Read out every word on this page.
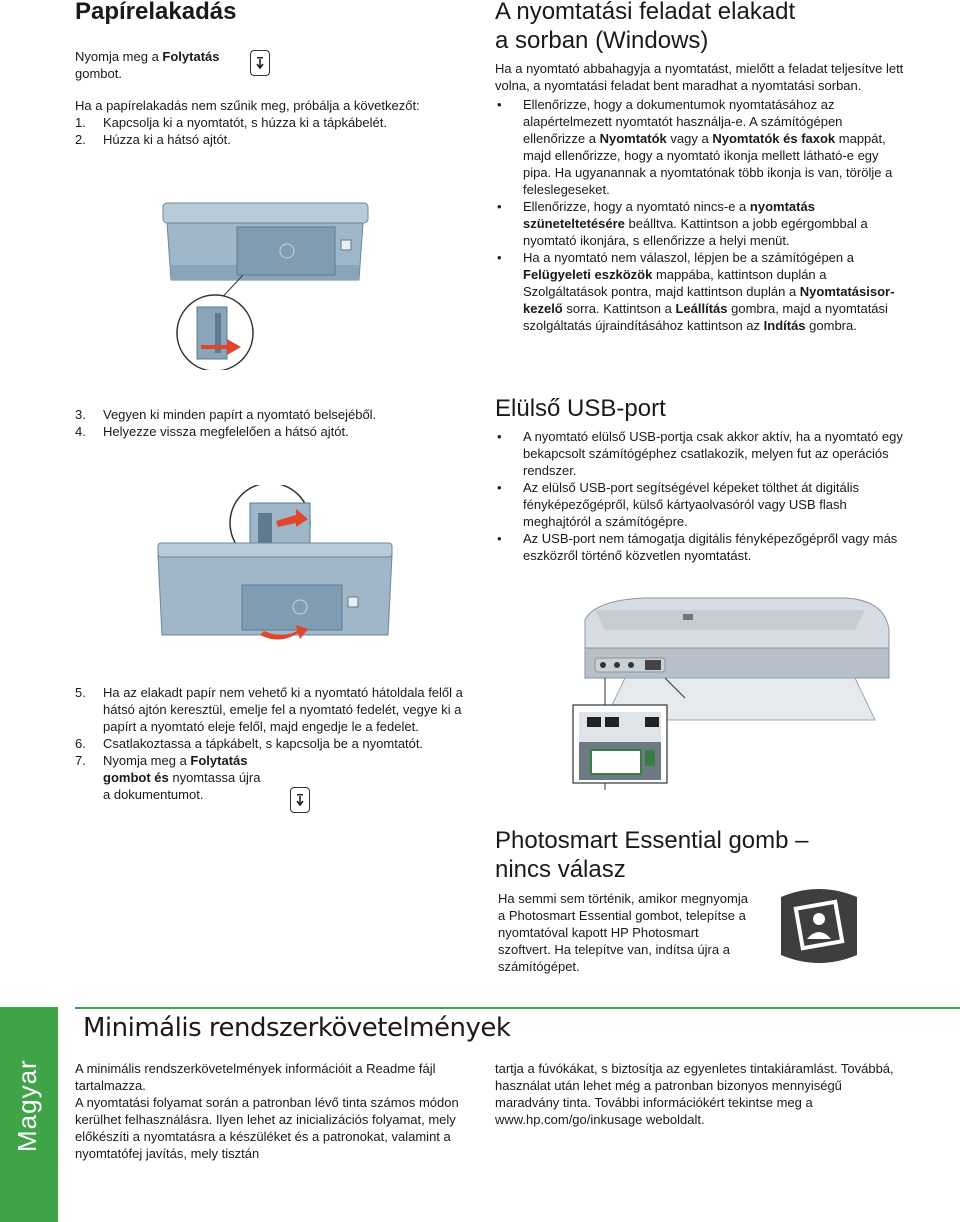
Papírelakadás

Nyomja meg a Folytatás
gombot.

Ha a papírelakadás nem szűnik meg, próbálja a következőt:

1. Kapcsolja ki a nyomtatót, s húzza ki a tápkábelét.
2. Húzza ki a hátsó ajtót.
3. Vegyen ki minden papírt a nyomtató belsejéből.
4. Helyezze vissza megfelelően a hátsó ajtót.
5. Ha az elakadt papír nem vehető ki a nyomtató hátoldala felől a hátsó ajtón keresztül, emelje fel a nyomtató fedelét, vegye ki a papírt a nyomtató eleje felől, majd engedje le a fedelet.
6. Csatlakoztassa a tápkábelt, s kapcsolja be a nyomtatót.
7. Nyomja meg a Folytatás
gombot és nyomtassa újra
a dokumentumot.
A nyomtatási feladat elakadt
a sorban (Windows)

Ha a nyomtató abbahagyja a nyomtatást, mielőtt a feladat teljesítve lett volna, a nyomtatási feladat bent maradhat a nyomtatási sorban.

• Ellenőrizze, hogy a dokumentumok nyomtatásához az alapértelmezett nyomtatót használja-e. A számítógépen ellenőrizze a Nyomtatók vagy a Nyomtatók és faxok mappát, majd ellenőrizze, hogy a nyomtató ikonja mellett látható-e egy pipa. Ha ugyanannak a nyomtatónak több ikonja is van, törölje a feleslegeseket.
• Ellenőrizze, hogy a nyomtató nincs-e a nyomtatás szüneteltetésére beálltva. Kattintson a jobb egérgombbal a nyomtató ikonjára, s ellenőrizze a helyi menüt.
• Ha a nyomtató nem válaszol, lépjen be a számítógépen a Felügyeleti eszközök mappába, kattintson duplán a Szolgáltatások pontra, majd kattintson duplán a Nyomtatásisor-kezelő sorra. Kattintson a Leállítás gombra, majd a nyomtatási szolgáltatás újraindításához kattintson az Indítás gombra.
Elülső USB-port
• A nyomtató elülső USB-portja csak akkor aktív, ha a nyomtató egy bekapcsolt számítógéphez csatlakozik, melyen fut az operációs rendszer.
• Az elülső USB-port segítségével képeket tölthet át digitális fényképezőgépről, külső kártyaolvasóról vagy USB flash meghajtóról a számítógépre.
• Az USB-port nem támogatja digitális fényképezőgépről vagy más eszközről történő közvetlen nyomtatást.
Photosmart Essential gomb –
nincs válasz

Ha semmi sem történik, amikor megnyomja a Photosmart Essential gombot, telepítse a nyomtatóval kapott HP Photosmart szoftvert. Ha telepítve van, indítsa újra a számítógépet.

Magyar
Minimális rendszerkövetelmények

A minimális rendszerkövetelmények információit a Readme fájl tartalmazza.

A nyomtatási folyamat során a patronban lévő tinta számos módon kerülhet felhasználásra. Ilyen lehet az inicializációs folyamat, mely előkészíti a nyomtatásra a készüléket és a patronokat, valamint a nyomtatófej javítás, mely tisztán

tartja a fúvókákat, s biztosítja az egyenletes tintakiáramlást. Továbbá, használat után lehet még a patronban bizonyos mennyiségű maradvány tinta. További információkért tekintse meg a www.hp.com/go/inkusage weboldalt.
